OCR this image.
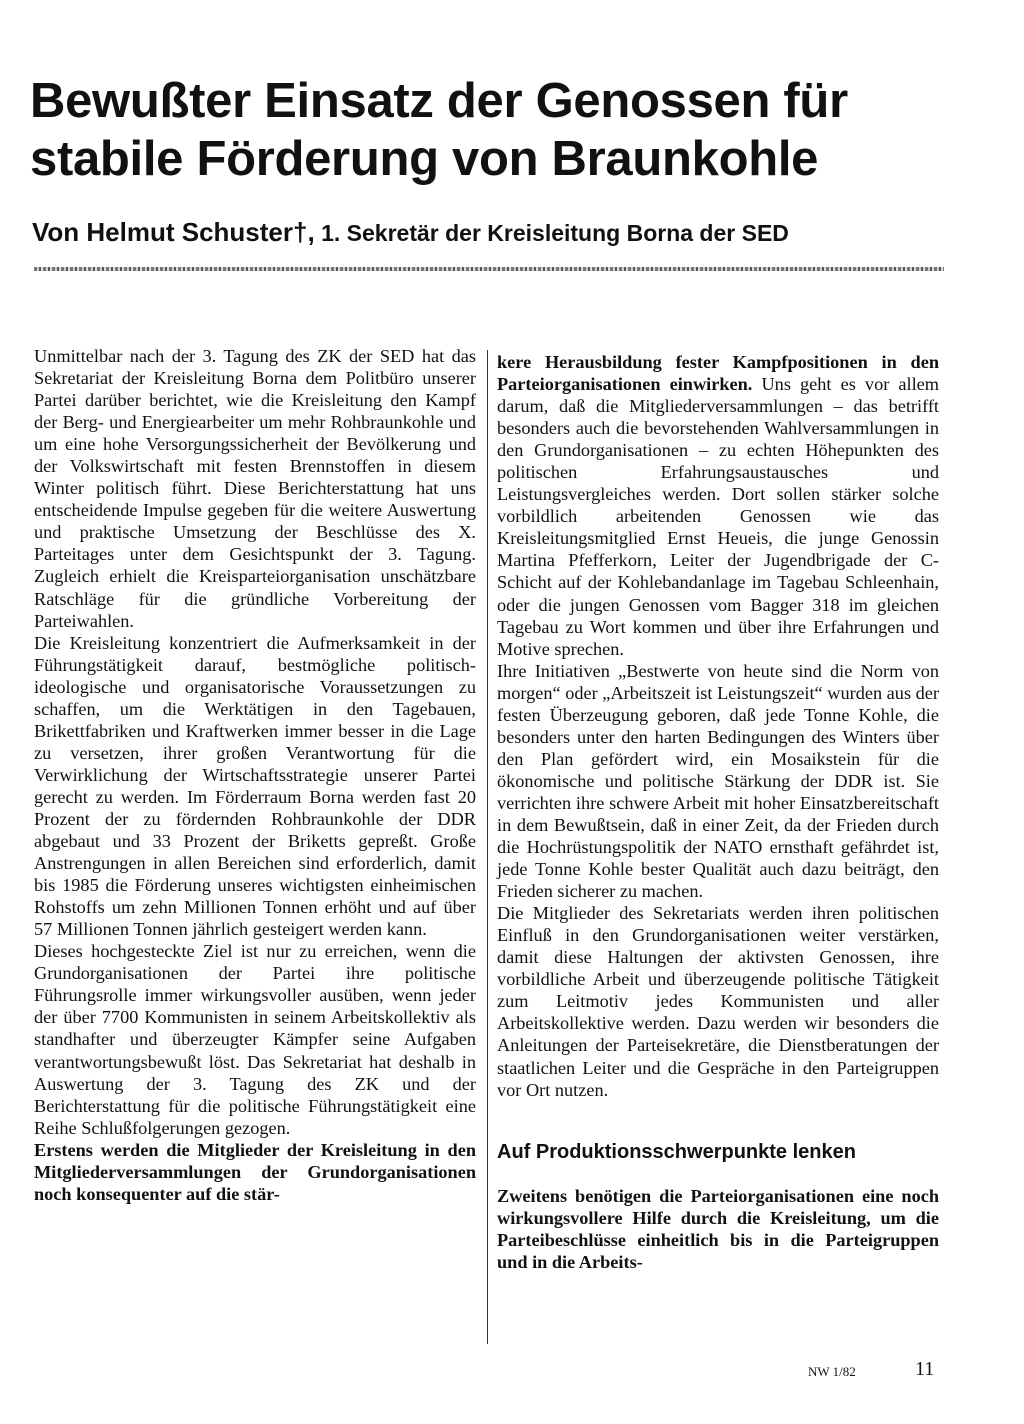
Bewußter Einsatz der Genossen für stabile Förderung von Braunkohle
Von Helmut Schuster†, 1. Sekretär der Kreisleitung Borna der SED

Unmittelbar nach der 3. Tagung des ZK der SED hat das Sekretariat der Kreisleitung Borna dem Politbüro unserer Partei darüber berichtet, wie die Kreisleitung den Kampf der Berg- und Energiearbeiter um mehr Rohbraunkohle und um eine hohe Versorgungssicherheit der Bevölkerung und der Volkswirtschaft mit festen Brennstoffen in diesem Winter politisch führt. Diese Berichterstattung hat uns entscheidende Impulse gegeben für die weitere Auswertung und praktische Umsetzung der Beschlüsse des X. Parteitages unter dem Gesichtspunkt der 3. Tagung. Zugleich erhielt die Kreisparteiorganisation unschätzbare Ratschläge für die gründliche Vorbereitung der Parteiwahlen.

Die Kreisleitung konzentriert die Aufmerksamkeit in der Führungstätigkeit darauf, bestmögliche politisch-ideologische und organisatorische Voraussetzungen zu schaffen, um die Werktätigen in den Tagebauen, Brikettfabriken und Kraftwerken immer besser in die Lage zu versetzen, ihrer großen Verantwortung für die Verwirklichung der Wirtschaftsstrategie unserer Partei gerecht zu werden. Im Förderraum Borna werden fast 20 Prozent der zu fördernden Rohbraunkohle der DDR abgebaut und 33 Prozent der Briketts gepreßt. Große Anstrengungen in allen Bereichen sind erforderlich, damit bis 1985 die Förderung unseres wichtigsten einheimischen Rohstoffs um zehn Millionen Tonnen erhöht und auf über 57 Millionen Tonnen jährlich gesteigert werden kann.

Dieses hochgesteckte Ziel ist nur zu erreichen, wenn die Grundorganisationen der Partei ihre politische Führungsrolle immer wirkungsvoller ausüben, wenn jeder der über 7700 Kommunisten in seinem Arbeitskollektiv als standhafter und überzeugter Kämpfer seine Aufgaben verantwortungsbewußt löst. Das Sekretariat hat deshalb in Auswertung der 3. Tagung des ZK und der Berichterstattung für die politische Führungstätigkeit eine Reihe Schlußfolgerungen gezogen.

Erstens werden die Mitglieder der Kreisleitung in den Mitgliederversammlungen der Grundorganisationen noch konsequenter auf die stär-

kere Herausbildung fester Kampfpositionen in den Parteiorganisationen einwirken. Uns geht es vor allem darum, daß die Mitgliederversammlungen – das betrifft besonders auch die bevorstehenden Wahlversammlungen in den Grundorganisationen – zu echten Höhepunkten des politischen Erfahrungsaustausches und Leistungsvergleiches werden. Dort sollen stärker solche vorbildlich arbeitenden Genossen wie das Kreisleitungsmitglied Ernst Heueis, die junge Genossin Martina Pfefferkorn, Leiter der Jugendbrigade der C-Schicht auf der Kohlebandanlage im Tagebau Schleenhain, oder die jungen Genossen vom Bagger 318 im gleichen Tagebau zu Wort kommen und über ihre Erfahrungen und Motive sprechen.

Ihre Initiativen „Bestwerte von heute sind die Norm von morgen“ oder „Arbeitszeit ist Leistungszeit“ wurden aus der festen Überzeugung geboren, daß jede Tonne Kohle, die besonders unter den harten Bedingungen des Winters über den Plan gefördert wird, ein Mosaikstein für die ökonomische und politische Stärkung der DDR ist. Sie verrichten ihre schwere Arbeit mit hoher Einsatzbereitschaft in dem Bewußtsein, daß in einer Zeit, da der Frieden durch die Hochrüstungspolitik der NATO ernsthaft gefährdet ist, jede Tonne Kohle bester Qualität auch dazu beiträgt, den Frieden sicherer zu machen.

Die Mitglieder des Sekretariats werden ihren politischen Einfluß in den Grundorganisationen weiter verstärken, damit diese Haltungen der aktivsten Genossen, ihre vorbildliche Arbeit und überzeugende politische Tätigkeit zum Leitmotiv jedes Kommunisten und aller Arbeitskollektive werden. Dazu werden wir besonders die Anleitungen der Parteisekretäre, die Dienstberatungen der staatlichen Leiter und die Gespräche in den Parteigruppen vor Ort nutzen.

Auf Produktionsschwerpunkte lenken

Zweitens benötigen die Parteiorganisationen eine noch wirkungsvollere Hilfe durch die Kreisleitung, um die Parteibeschlüsse einheitlich bis in die Parteigruppen und in die Arbeits-

NW 1/82	11
